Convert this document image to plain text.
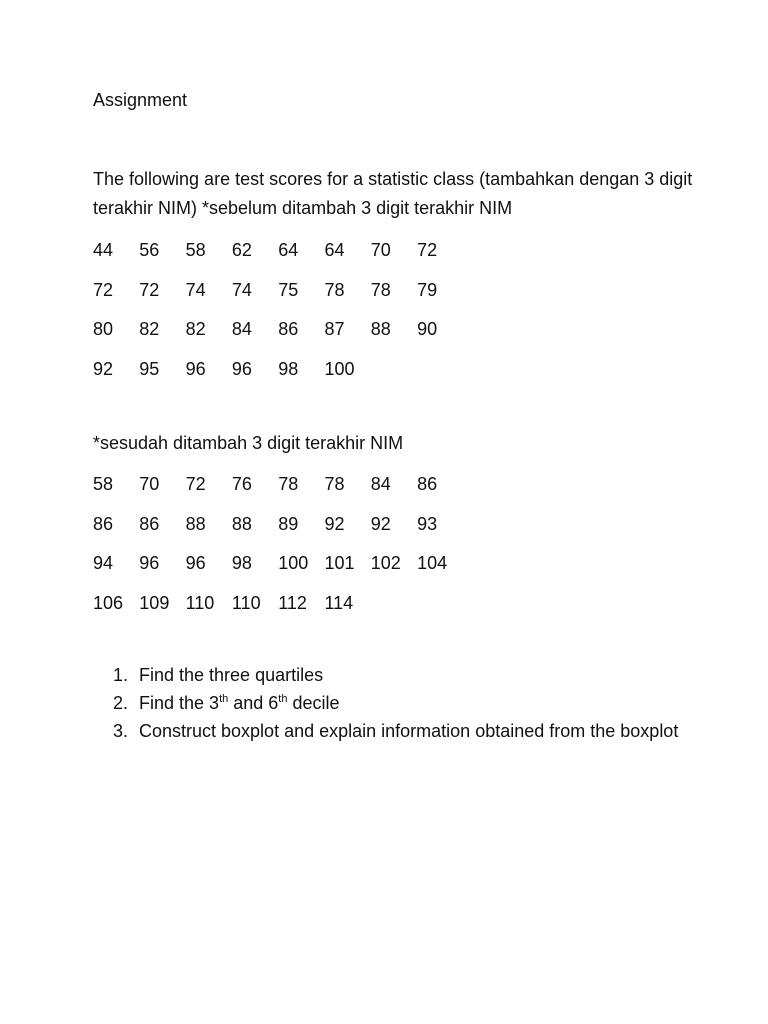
Assignment
The following are test scores for a statistic class (tambahkan dengan 3 digit terakhir NIM) *sebelum ditambah 3 digit terakhir NIM
44	56	58	62	64	64	70	72
72	72	74	74	75	78	78	79
80	82	82	84	86	87	88	90
92	95	96	96	98	100
*sesudah ditambah 3 digit terakhir NIM
58	70	72	76	78	78	84	86
86	86	88	88	89	92	92	93
94	96	96	98	100 101 102 104
106 109 110 110 112 114
1. Find the three quartiles
2. Find the 3th and 6th decile
3. Construct boxplot and explain information obtained from the boxplot
